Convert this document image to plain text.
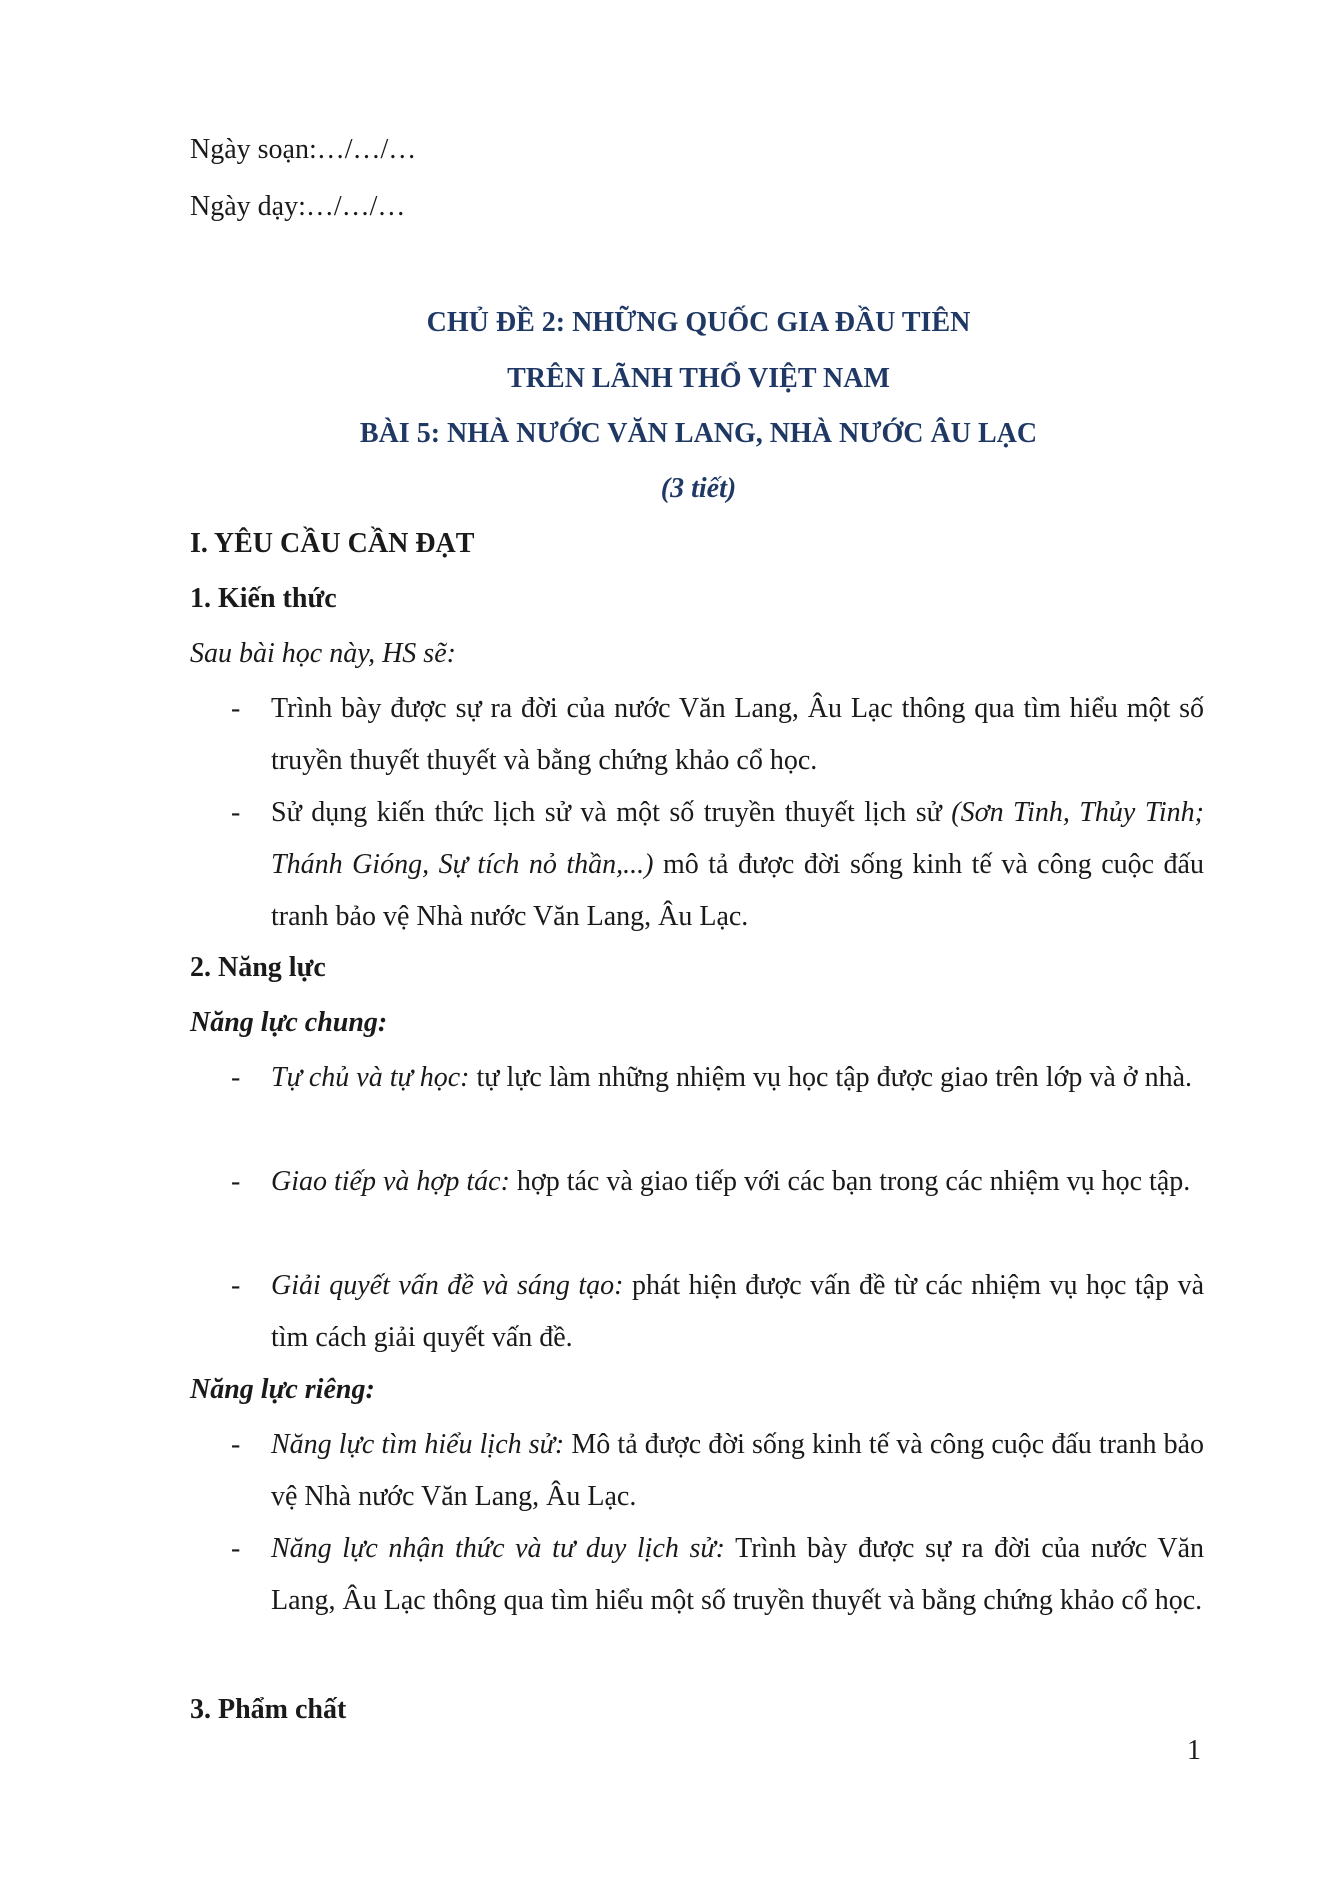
Ngày soạn:…/…/…
Ngày dạy:…/…/…
CHỦ ĐỀ 2: NHỮNG QUỐC GIA ĐẦU TIÊN
TRÊN LÃNH THỔ VIỆT NAM
BÀI 5: NHÀ NƯỚC VĂN LANG, NHÀ NƯỚC ÂU LẠC
(3 tiết)
I. YÊU CẦU CẦN ĐẠT
1. Kiến thức
Sau bài học này, HS sẽ:
- Trình bày được sự ra đời của nước Văn Lang, Âu Lạc thông qua tìm hiểu một số truyền thuyết thuyết và bằng chứng khảo cổ học.
- Sử dụng kiến thức lịch sử và một số truyền thuyết lịch sử (Sơn Tinh, Thủy Tinh; Thánh Gióng, Sự tích nỏ thần,...) mô tả được đời sống kinh tế và công cuộc đấu tranh bảo vệ Nhà nước Văn Lang, Âu Lạc.
2. Năng lực
Năng lực chung:
- Tự chủ và tự học: tự lực làm những nhiệm vụ học tập được giao trên lớp và ở nhà.
- Giao tiếp và hợp tác: hợp tác và giao tiếp với các bạn trong các nhiệm vụ học tập.
- Giải quyết vấn đề và sáng tạo: phát hiện được vấn đề từ các nhiệm vụ học tập và tìm cách giải quyết vấn đề.
Năng lực riêng:
- Năng lực tìm hiểu lịch sử: Mô tả được đời sống kinh tế và công cuộc đấu tranh bảo vệ Nhà nước Văn Lang, Âu Lạc.
- Năng lực nhận thức và tư duy lịch sử: Trình bày được sự ra đời của nước Văn Lang, Âu Lạc thông qua tìm hiểu một số truyền thuyết và bằng chứng khảo cổ học.
3. Phẩm chất
1
